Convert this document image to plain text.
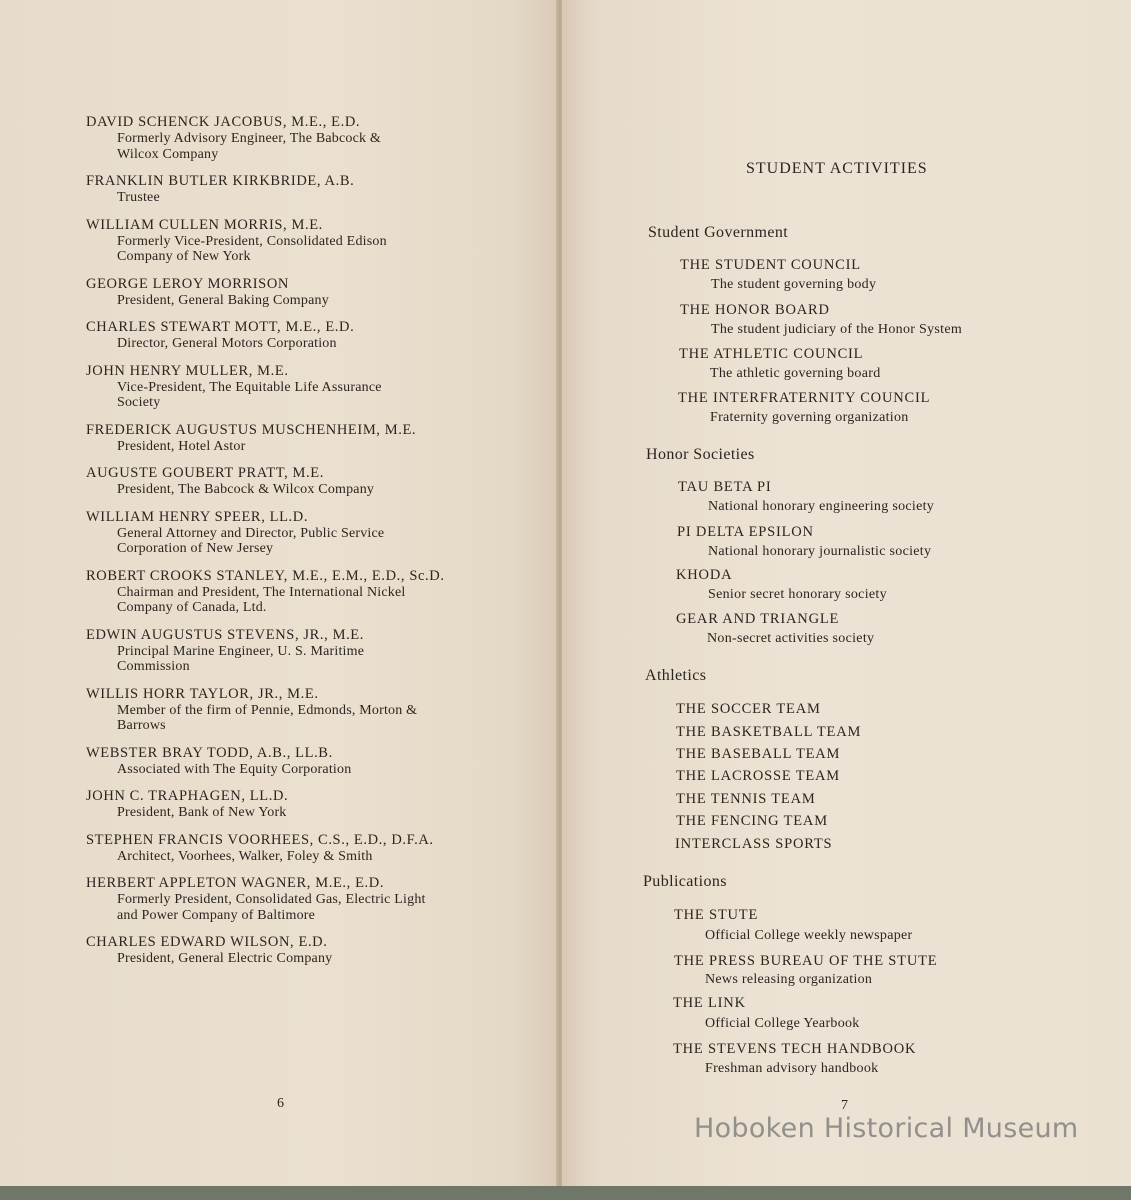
DAVID SCHENCK JACOBUS, M.E., E.D.
Formerly Advisory Engineer, The Babcock &
Wilcox Company
FRANKLIN BUTLER KIRKBRIDE, A.B.
Trustee
WILLIAM CULLEN MORRIS, M.E.
Formerly Vice-President, Consolidated Edison
Company of New York
GEORGE LEROY MORRISON
President, General Baking Company
CHARLES STEWART MOTT, M.E., E.D.
Director, General Motors Corporation
JOHN HENRY MULLER, M.E.
Vice-President, The Equitable Life Assurance
Society
FREDERICK AUGUSTUS MUSCHENHEIM, M.E.
President, Hotel Astor
AUGUSTE GOUBERT PRATT, M.E.
President, The Babcock & Wilcox Company
WILLIAM HENRY SPEER, LL.D.
General Attorney and Director, Public Service
Corporation of New Jersey
ROBERT CROOKS STANLEY, M.E., E.M., E.D., Sc.D.
Chairman and President, The International Nickel
Company of Canada, Ltd.
EDWIN AUGUSTUS STEVENS, JR., M.E.
Principal Marine Engineer, U. S. Maritime
Commission
WILLIS HORR TAYLOR, JR., M.E.
Member of the firm of Pennie, Edmonds, Morton &
Barrows
WEBSTER BRAY TODD, A.B., LL.B.
Associated with The Equity Corporation
JOHN C. TRAPHAGEN, LL.D.
President, Bank of New York
STEPHEN FRANCIS VOORHEES, C.S., E.D., D.F.A.
Architect, Voorhees, Walker, Foley & Smith
HERBERT APPLETON WAGNER, M.E., E.D.
Formerly President, Consolidated Gas, Electric Light
and Power Company of Baltimore
CHARLES EDWARD WILSON, E.D.
President, General Electric Company
6
STUDENT ACTIVITIES
Student Government
THE STUDENT COUNCIL
The student governing body
THE HONOR BOARD
The student judiciary of the Honor System
THE ATHLETIC COUNCIL
The athletic governing board
THE INTERFRATERNITY COUNCIL
Fraternity governing organization
Honor Societies
TAU BETA PI
National honorary engineering society
PI DELTA EPSILON
National honorary journalistic society
KHODA
Senior secret honorary society
GEAR AND TRIANGLE
Non-secret activities society
Athletics
THE SOCCER TEAM
THE BASKETBALL TEAM
THE BASEBALL TEAM
THE LACROSSE TEAM
THE TENNIS TEAM
THE FENCING TEAM
INTERCLASS SPORTS
Publications
THE STUTE
Official College weekly newspaper
THE PRESS BUREAU OF THE STUTE
News releasing organization
THE LINK
Official College Yearbook
THE STEVENS TECH HANDBOOK
Freshman advisory handbook
7
Hoboken Historical Museum
